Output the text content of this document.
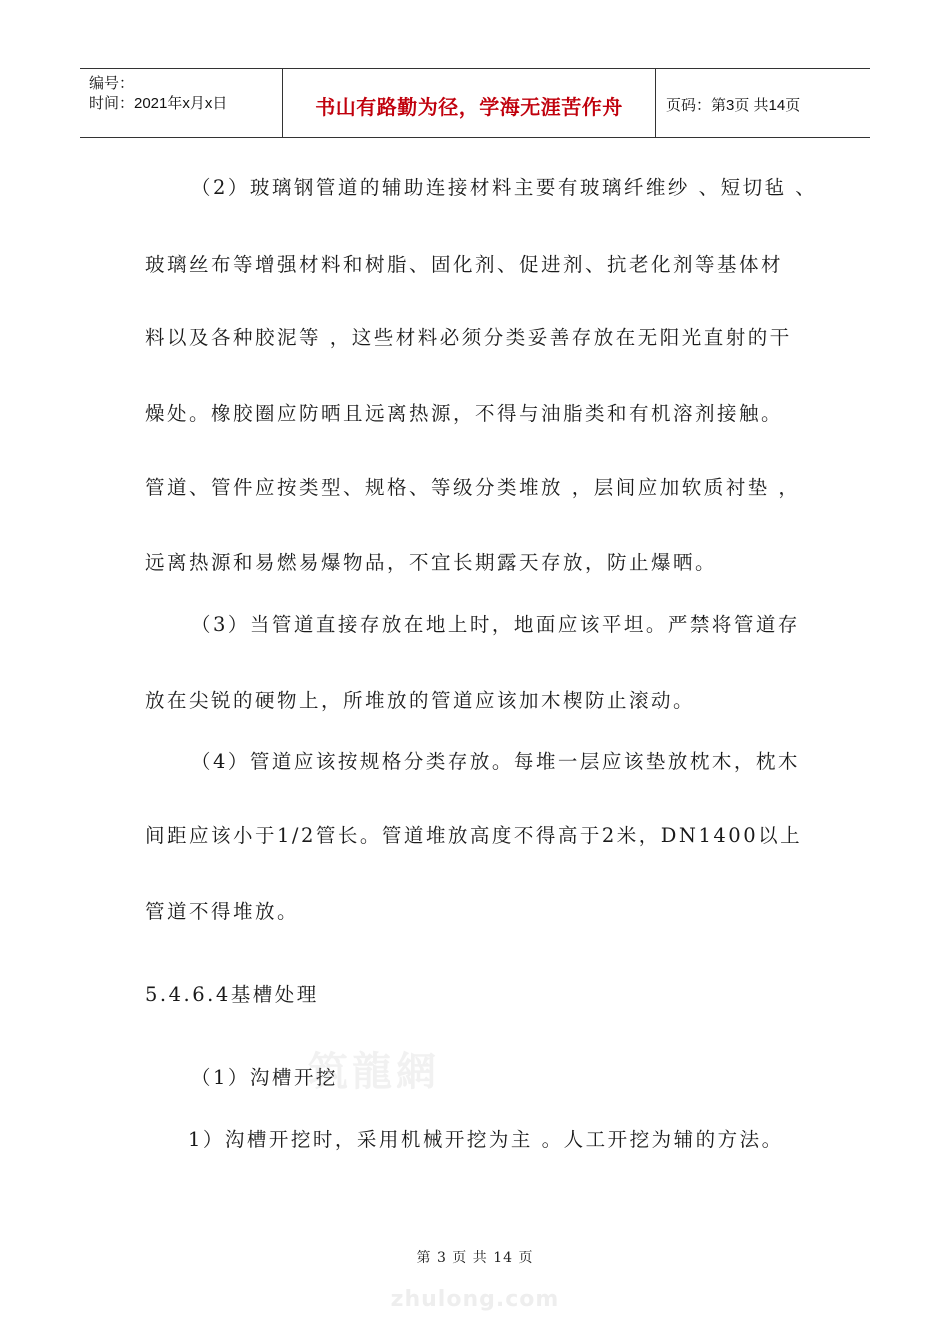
编号：
时间：2021年x月x日	书山有路勤为径，学海无涯苦作舟	页码：第3页 共14页
筑龍網
（2）玻璃钢管道的辅助连接材料主要有玻璃纤维纱 、短切毡 、
玻璃丝布等增强材料和树脂、固化剂、促进剂、抗老化剂等基体材
料以及各种胶泥等 ，这些材料必须分类妥善存放在无阳光直射的干
燥处。橡胶圈应防晒且远离热源，不得与油脂类和有机溶剂接触。
管道、管件应按类型、规格、等级分类堆放 ，层间应加软质衬垫 ，
远离热源和易燃易爆物品，不宜长期露天存放，防止爆晒。
（3）当管道直接存放在地上时，地面应该平坦。严禁将管道存
放在尖锐的硬物上，所堆放的管道应该加木楔防止滚动。
（4）管道应该按规格分类存放。每堆一层应该垫放枕木，枕木
间距应该小于1/2管长。管道堆放高度不得高于2米，DN1400以上
管道不得堆放。
5.4.6.4基槽处理
（1）沟槽开挖
1）沟槽开挖时，采用机械开挖为主 。人工开挖为辅的方法。
第 3 页 共 14 页
zhulong.com
